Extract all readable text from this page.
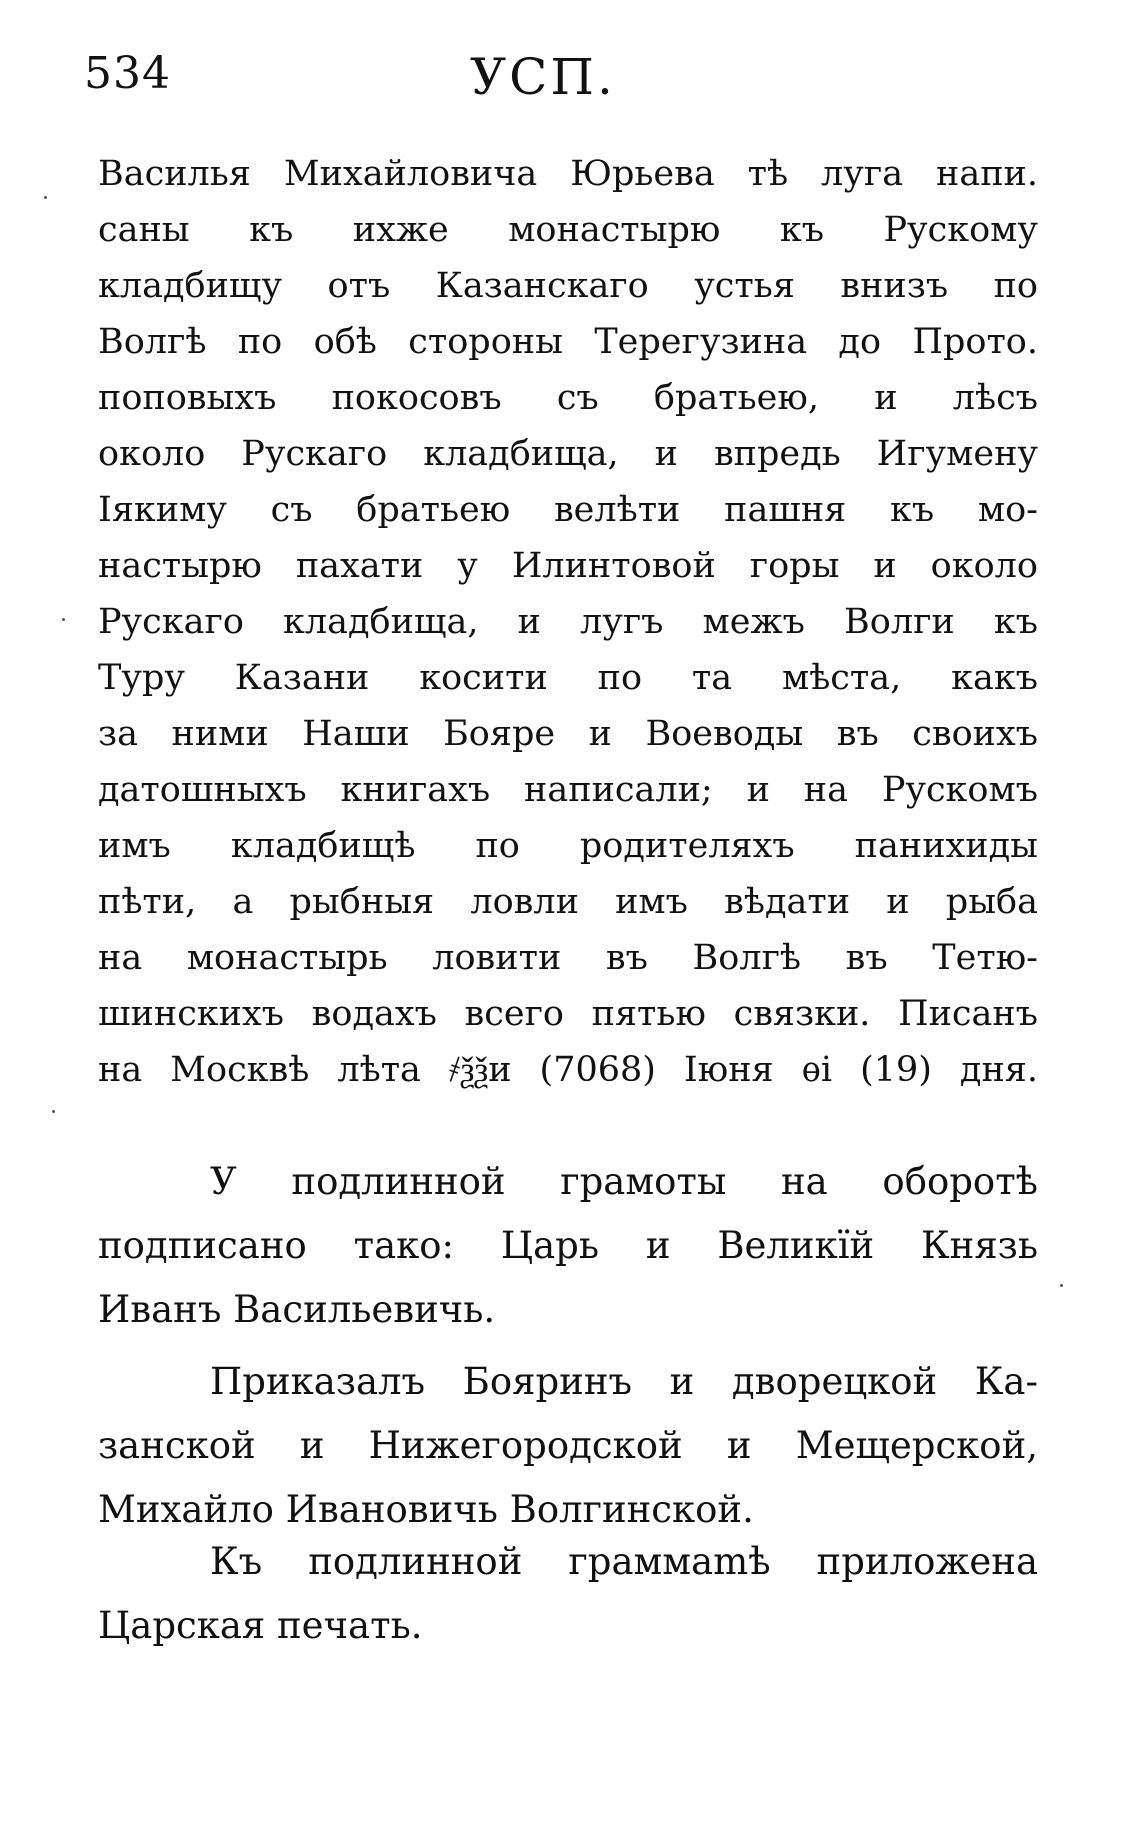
534	УСП.
Василья Михайловича Юрьева тѣ луга напи.
саны къ ихже монастырю къ Рускому
кладбищу отъ Казанскаго устья внизъ по
Волгѣ по обѣ стороны Терегузина до Прото.
поповыхъ покосовъ съ братьею, и лѣсъ
около Рускаго кладбища, и впредь Игумену
Іякиму съ братьею велѣти пашня къ мо-
настырю пахати у Илинтовой горы и около
Рускаго кладбища, и лугъ межъ Волги къ
Туру Казани косити по та мѣста, какъ
за ними Наши Бояре и Воеводы въ своихъ
датошныхъ книгахъ написали; и на Рускомъ
имъ кладбищѣ по родителяхъ панихиды
пѣти, а рыбныя ловли имъ вѣдати и рыба
на монастырь ловити въ Волгѣ въ Тетю-
шинскихъ водахъ всего пятью связки. Писанъ
на Москвѣ лѣта ҂ѯѯи (7068) Іюня ѳі (19) дня.
У подлинной грамоты на оборотѣ
подписано тако: Царь и Великїй Князь
Иванъ Васильевичь.
Приказалъ Бояринъ и дворецкой Ка-
занской и Нижегородской и Мещерской,
Михайло Ивановичь Волгинской.
Къ подлинной граммаmѣ приложена
Царская печать.
